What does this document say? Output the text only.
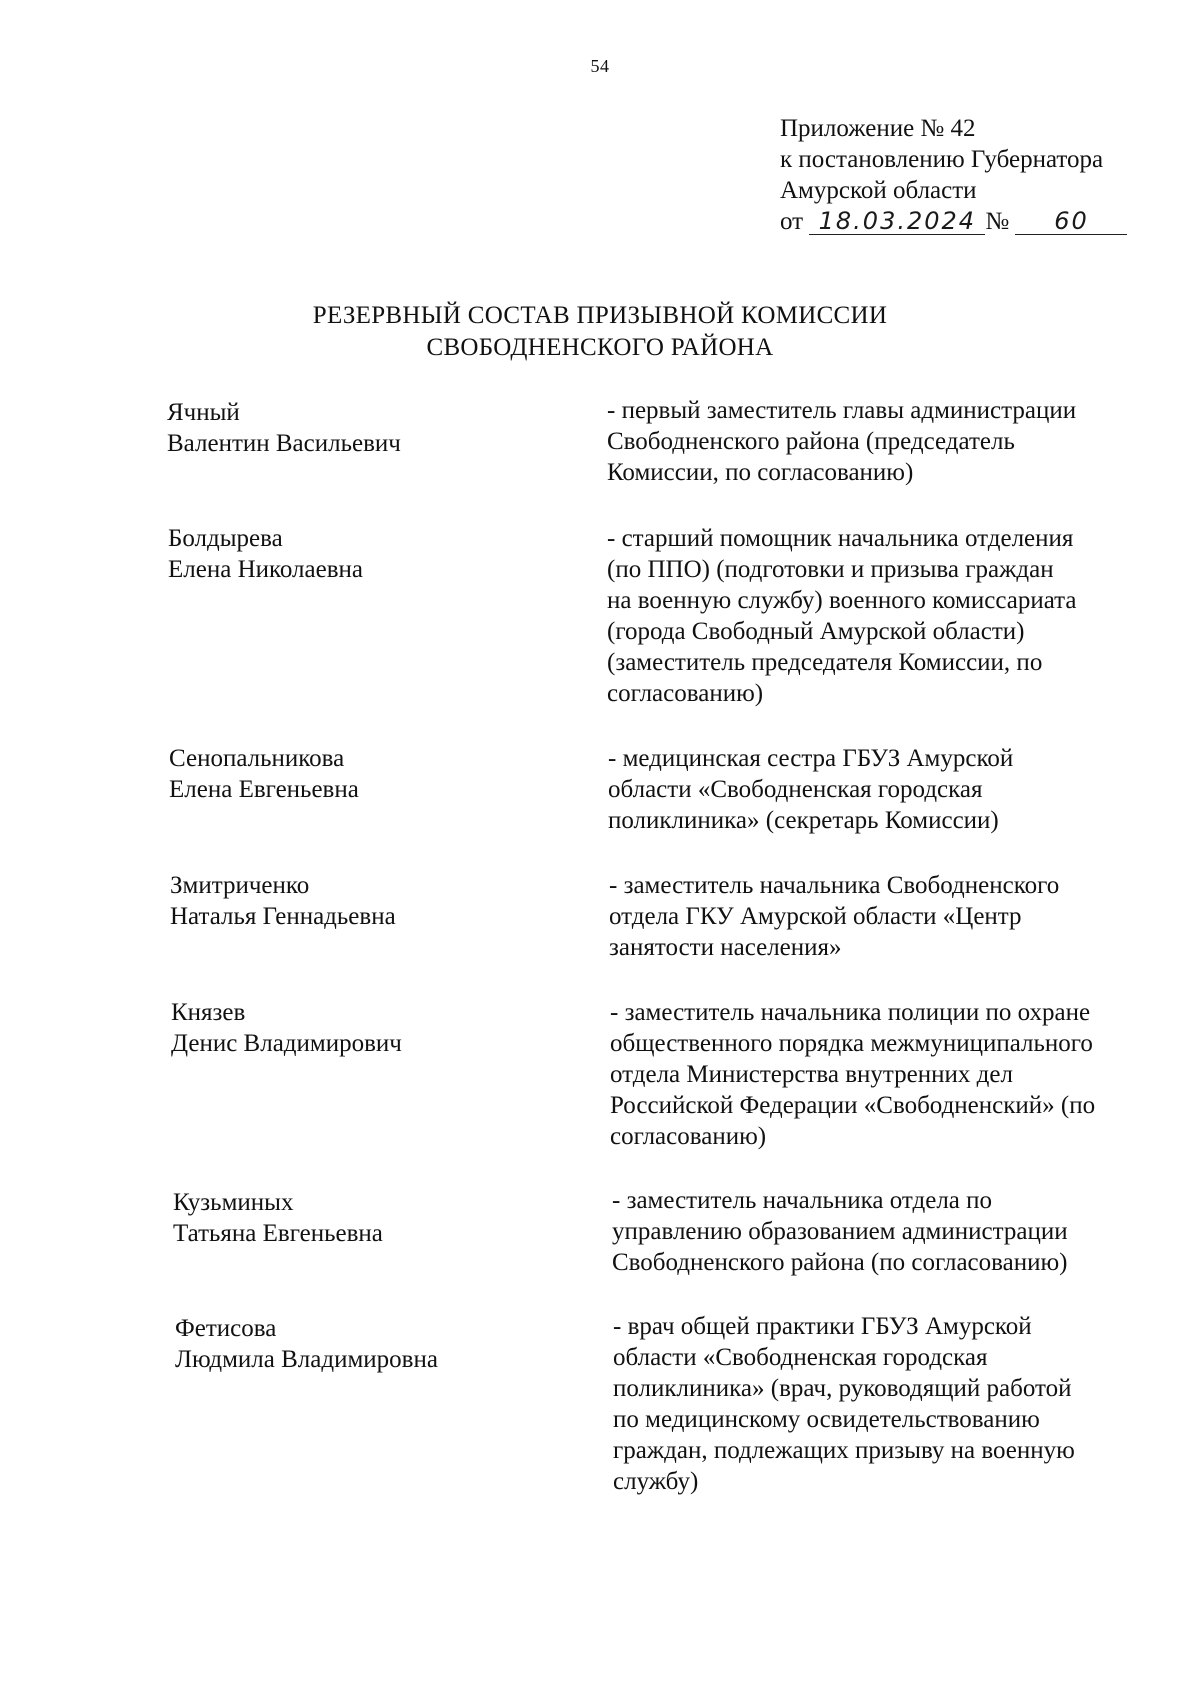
54
Приложение № 42
к постановлению Губернатора
Амурской области
от 18.03.2024 № 60
РЕЗЕРВНЫЙ СОСТАВ ПРИЗЫВНОЙ КОМИССИИ
СВОБОДНЕНСКОГО РАЙОНА
Ячный
Валентин Васильевич
- первый заместитель главы администрации
Свободненского района (председатель
Комиссии, по согласованию)
Болдырева
Елена Николаевна
- старший помощник начальника отделения
(по ППО) (подготовки и призыва граждан
на военную службу) военного комиссариата
(города Свободный Амурской области)
(заместитель председателя Комиссии, по
согласованию)
Сенопальникова
Елена Евгеньевна
- медицинская сестра ГБУЗ Амурской
области «Свободненская городская
поликлиника» (секретарь Комиссии)
Змитриченко
Наталья Геннадьевна
- заместитель начальника Свободненского
отдела ГКУ Амурской области «Центр
занятости населения»
Князев
Денис Владимирович
- заместитель начальника полиции по охране
общественного порядка межмуниципального
отдела Министерства внутренних дел
Российской Федерации «Свободненский» (по
согласованию)
Кузьминых
Татьяна Евгеньевна
- заместитель начальника отдела по
управлению образованием администрации
Свободненского района (по согласованию)
Фетисова
Людмила Владимировна
- врач общей практики ГБУЗ Амурской
области «Свободненская городская
поликлиника» (врач, руководящий работой
по медицинскому освидетельствованию
граждан, подлежащих призыву на военную
службу)
